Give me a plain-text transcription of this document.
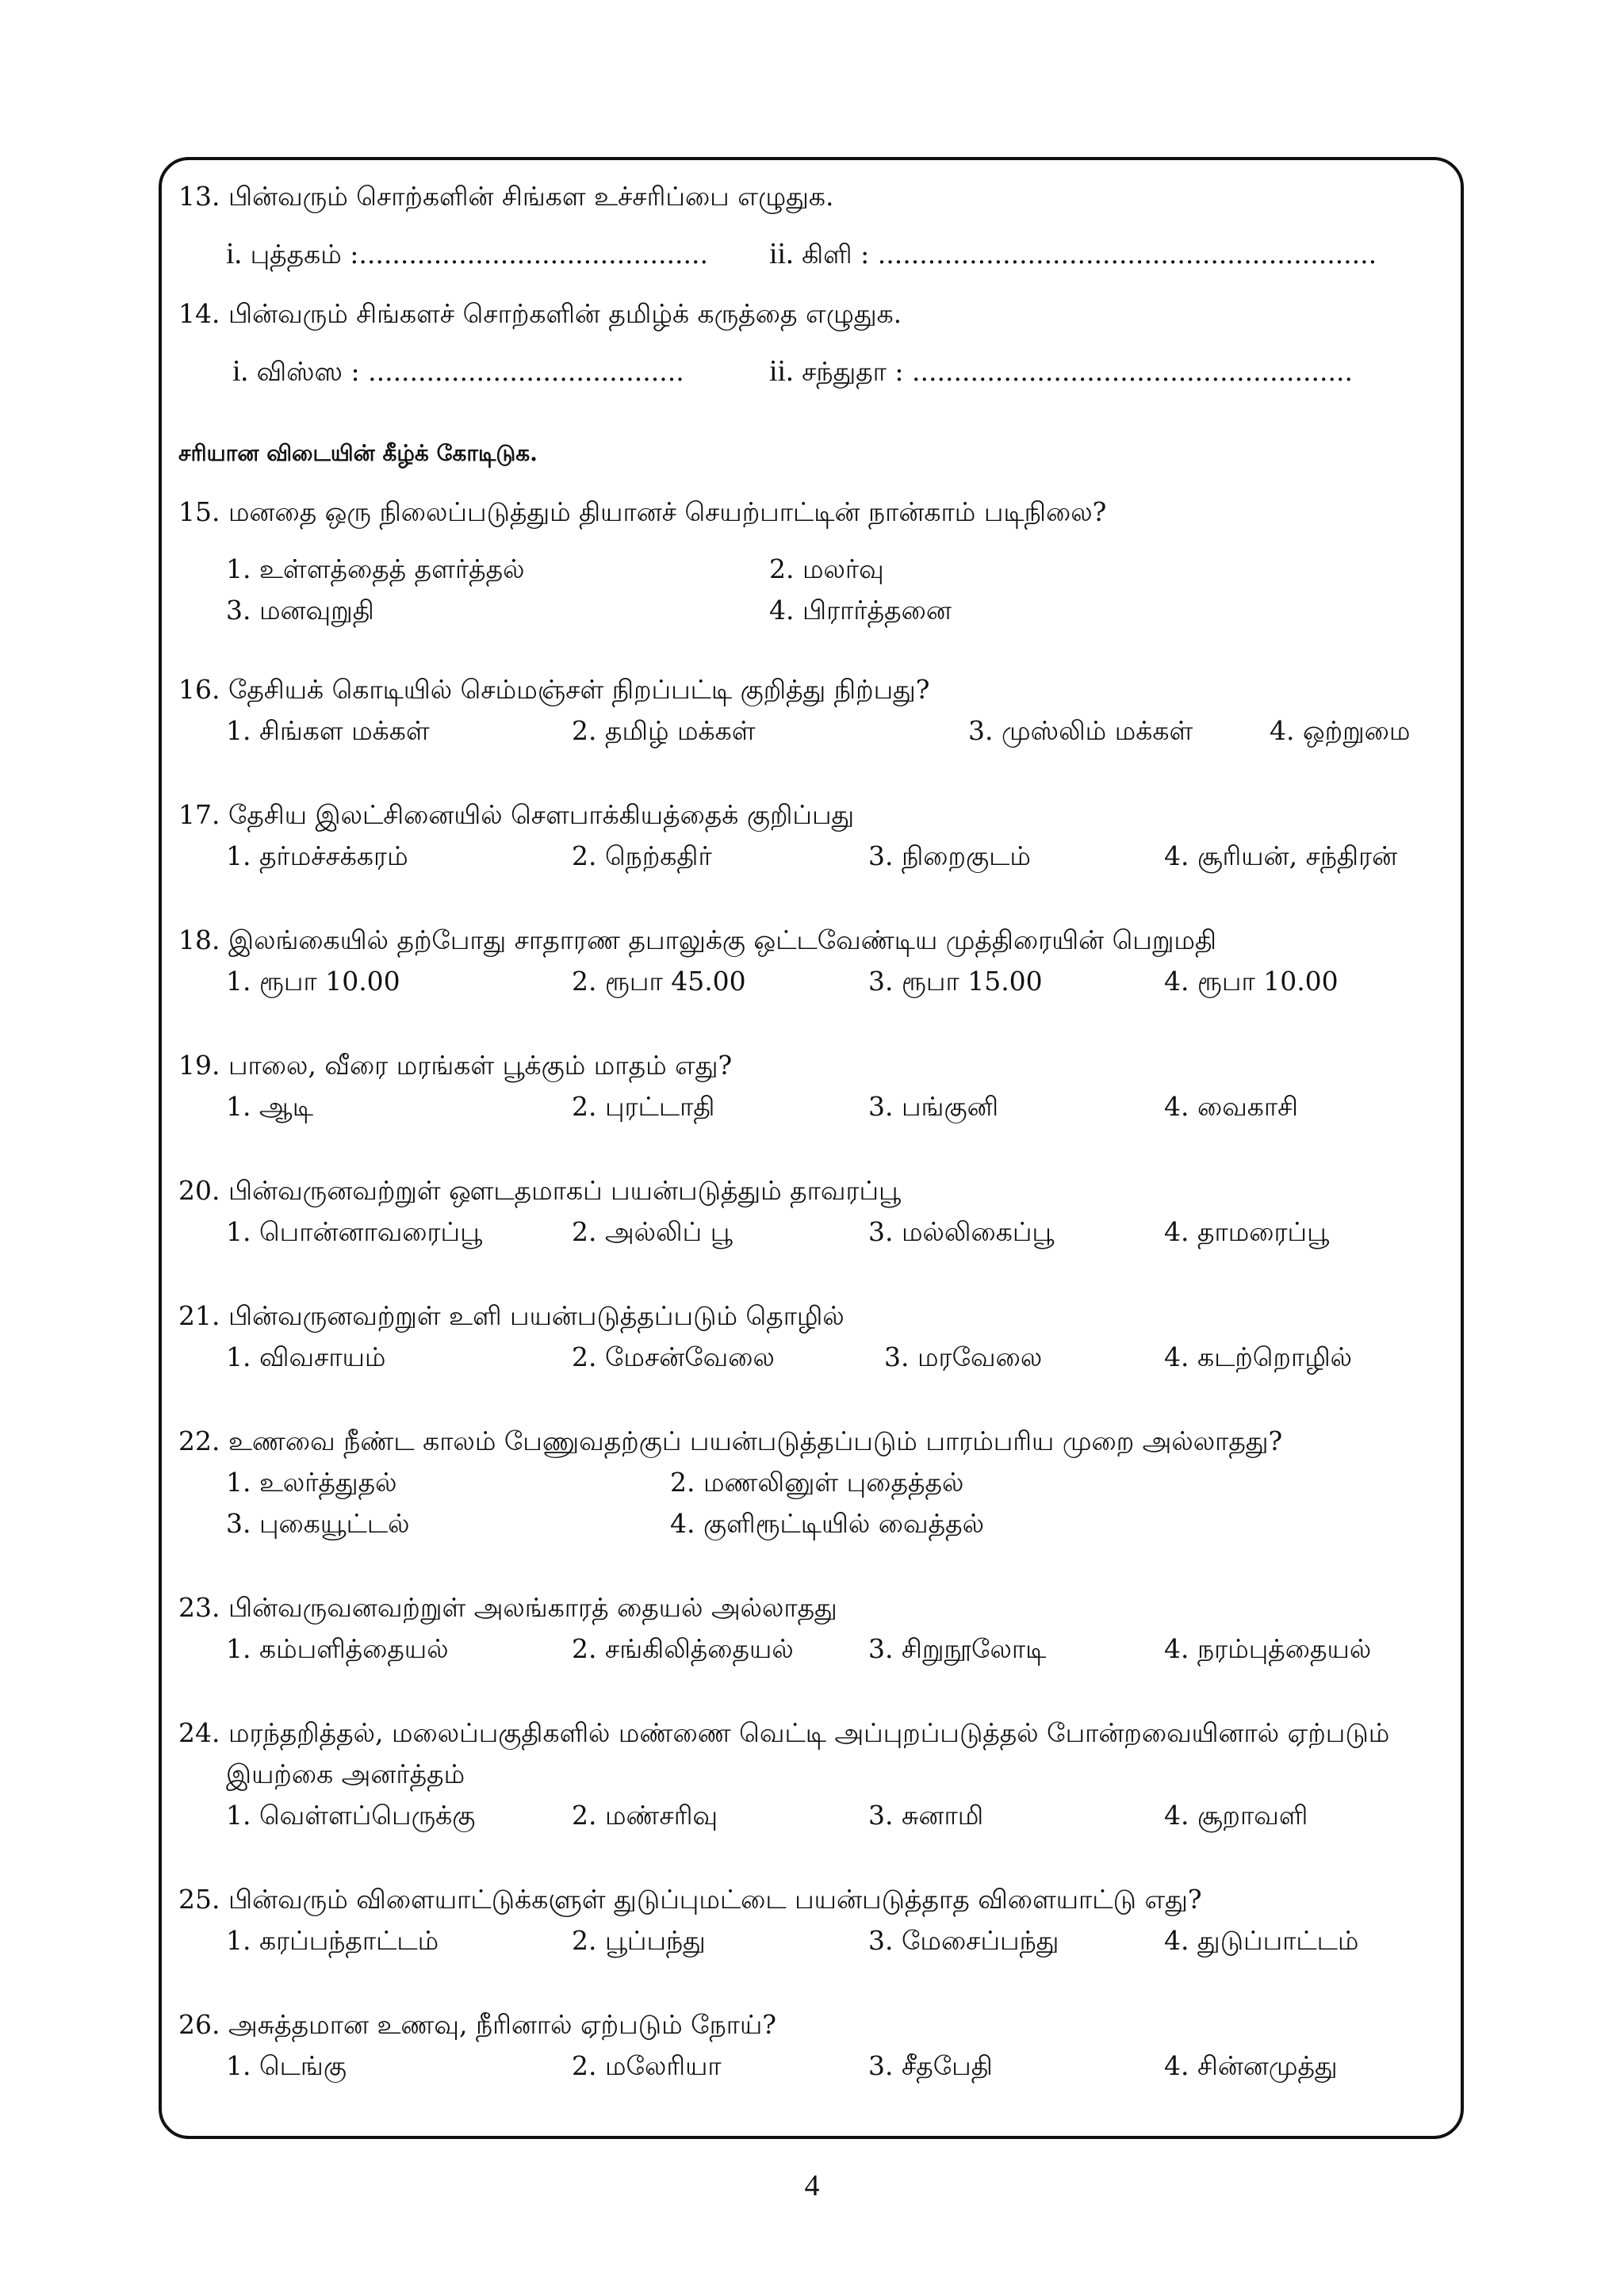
13. பின்வரும் சொற்களின் சிங்கள உச்சரிப்பை எழுதுக.
i. புத்தகம் :.......................................... ii. கிளி : ............................................................
14. பின்வரும் சிங்களச் சொற்களின் தமிழ்க் கருத்தை எழுதுக.
i. விஸ்ஸ : ......................................	ii. சந்துதா : .....................................................
சரியான விடையின் கீழ்க் கோடிடுக.
15. மனதை ஒரு நிலைப்படுத்தும் தியானச் செயற்பாட்டின் நான்காம் படிநிலை?
1. உள்ளத்தைத் தளர்த்தல்	2. மலர்வு
3. மனவுறுதி	4. பிரார்த்தனை
16. தேசியக் கொடியில் செம்மஞ்சள் நிறப்பட்டி குறித்து நிற்பது?
1. சிங்கள மக்கள்	2. தமிழ் மக்கள்	3. முஸ்லிம் மக்கள்	4. ஒற்றுமை
17. தேசிய இலட்சினையில் சௌபாக்கியத்தைக் குறிப்பது
1. தர்மச்சக்கரம்	2. நெற்கதிர்	3. நிறைகுடம்	4. சூரியன், சந்திரன்
18. இலங்கையில் தற்போது சாதாரண தபாலுக்கு ஒட்டவேண்டிய முத்திரையின் பெறுமதி
1. ரூபா 10.00	2. ரூபா 45.00	3. ரூபா 15.00	4. ரூபா 10.00
19. பாலை, வீரை மரங்கள் பூக்கும் மாதம் எது?
1. ஆடி	2. புரட்டாதி	3. பங்குனி	4. வைகாசி
20. பின்வருனவற்றுள் ஔடதமாகப் பயன்படுத்தும் தாவரப்பூ
1. பொன்னாவரைப்பூ	2. அல்லிப் பூ	3. மல்லிகைப்பூ	4. தாமரைப்பூ
21. பின்வருனவற்றுள் உளி பயன்படுத்தப்படும் தொழில்
1. விவசாயம்	2. மேசன்வேலை	3. மரவேலை	4. கடற்றொழில்
22. உணவை நீண்ட காலம் பேணுவதற்குப் பயன்படுத்தப்படும் பாரம்பரிய முறை அல்லாதது?
1. உலர்த்துதல்	2. மணலினுள் புதைத்தல்
3. புகையூட்டல்	4. குளிரூட்டியில் வைத்தல்
23. பின்வருவனவற்றுள் அலங்காரத் தையல் அல்லாதது
1. கம்பளித்தையல்	2. சங்கிலித்தையல்	3. சிறுநூலோடி	4. நரம்புத்தையல்
24. மரந்தறித்தல், மலைப்பகுதிகளில் மண்ணை வெட்டி அப்புறப்படுத்தல் போன்றவையினால் ஏற்படும்
இயற்கை அனர்த்தம்
1. வெள்ளப்பெருக்கு	2. மண்சரிவு	3. சுனாமி	4. சூறாவளி
25. பின்வரும் விளையாட்டுக்களுள் துடுப்புமட்டை பயன்படுத்தாத விளையாட்டு எது?
1. கரப்பந்தாட்டம்	2. பூப்பந்து	3. மேசைப்பந்து	4. துடுப்பாட்டம்
26. அசுத்தமான உணவு, நீரினால் ஏற்படும் நோய்?
1. டெங்கு	2. மலேரியா	3. சீதபேதி	4. சின்னமுத்து
4
